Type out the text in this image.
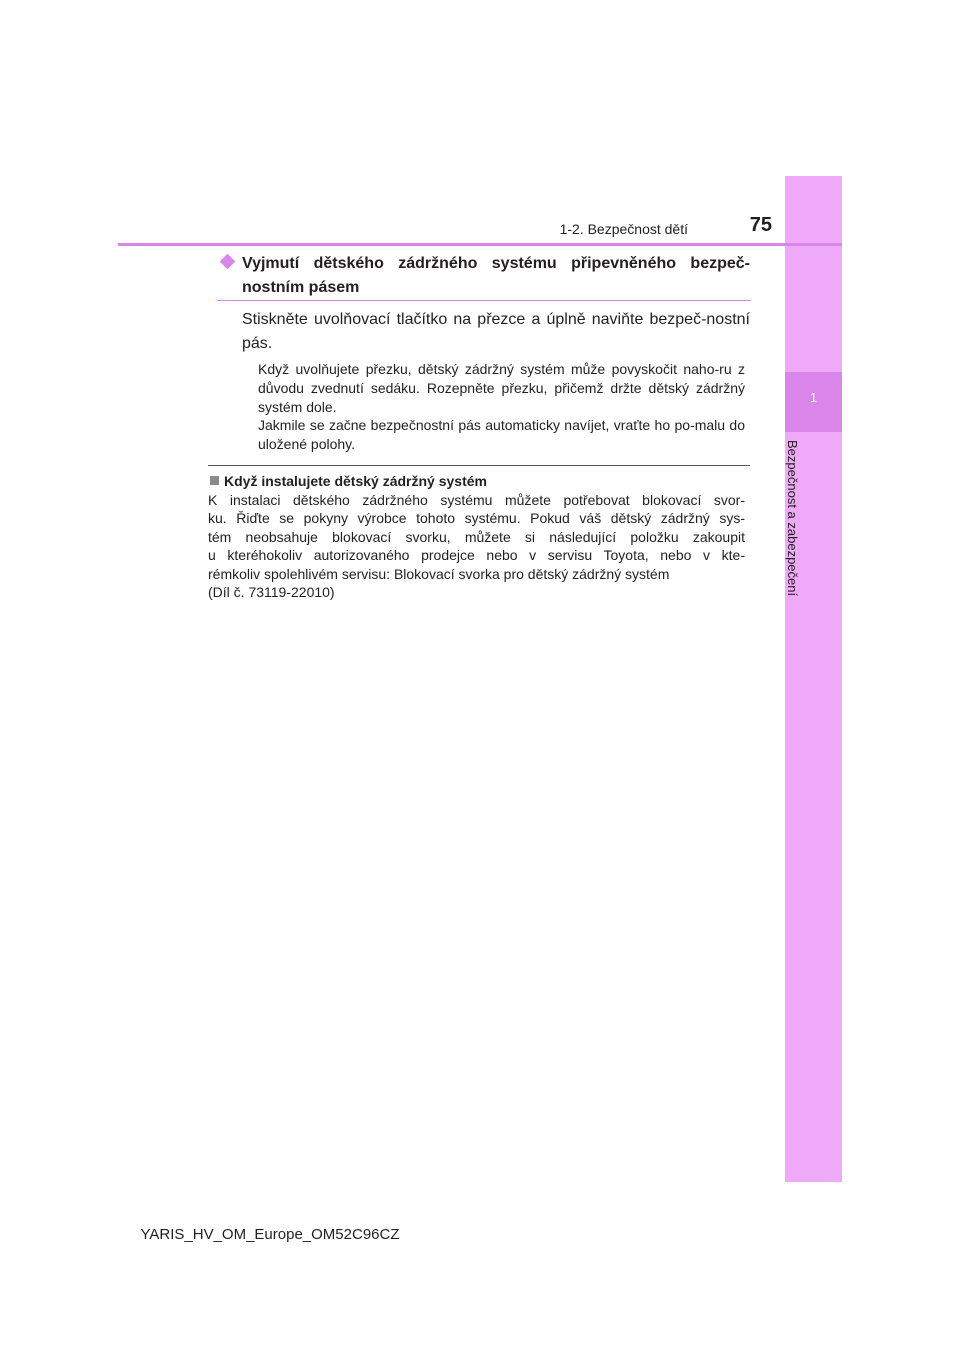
1
Bezpečnost a zabezpečení
1-2. Bezpečnost dětí	75
Vyjmutí dětského zádržného systému připevněného bezpeč-nostním pásem
Stiskněte uvolňovací tlačítko na přezce a úplně naviňte bezpeč-nostní pás.
Když uvolňujete přezku, dětský zádržný systém může povyskočit naho-ru z důvodu zvednutí sedáku. Rozepněte přezku, přičemž držte dětský zádržný systém dole.
Jakmile se začne bezpečnostní pás automaticky navíjet, vraťte ho po-malu do uložené polohy.
Když instalujete dětský zádržný systém
K instalaci dětského zádržného systému můžete potřebovat blokovací svor-
ku. Řiďte se pokyny výrobce tohoto systému. Pokud váš dětský zádržný sys-
tém neobsahuje blokovací svorku, můžete si následující položku zakoupit
u kteréhokoliv autorizovaného prodejce nebo v servisu Toyota, nebo v kte-
rémkoliv spolehlivém servisu: Blokovací svorka pro dětský zádržný systém
(Díl č. 73119-22010)
YARIS_HV_OM_Europe_OM52C96CZ
